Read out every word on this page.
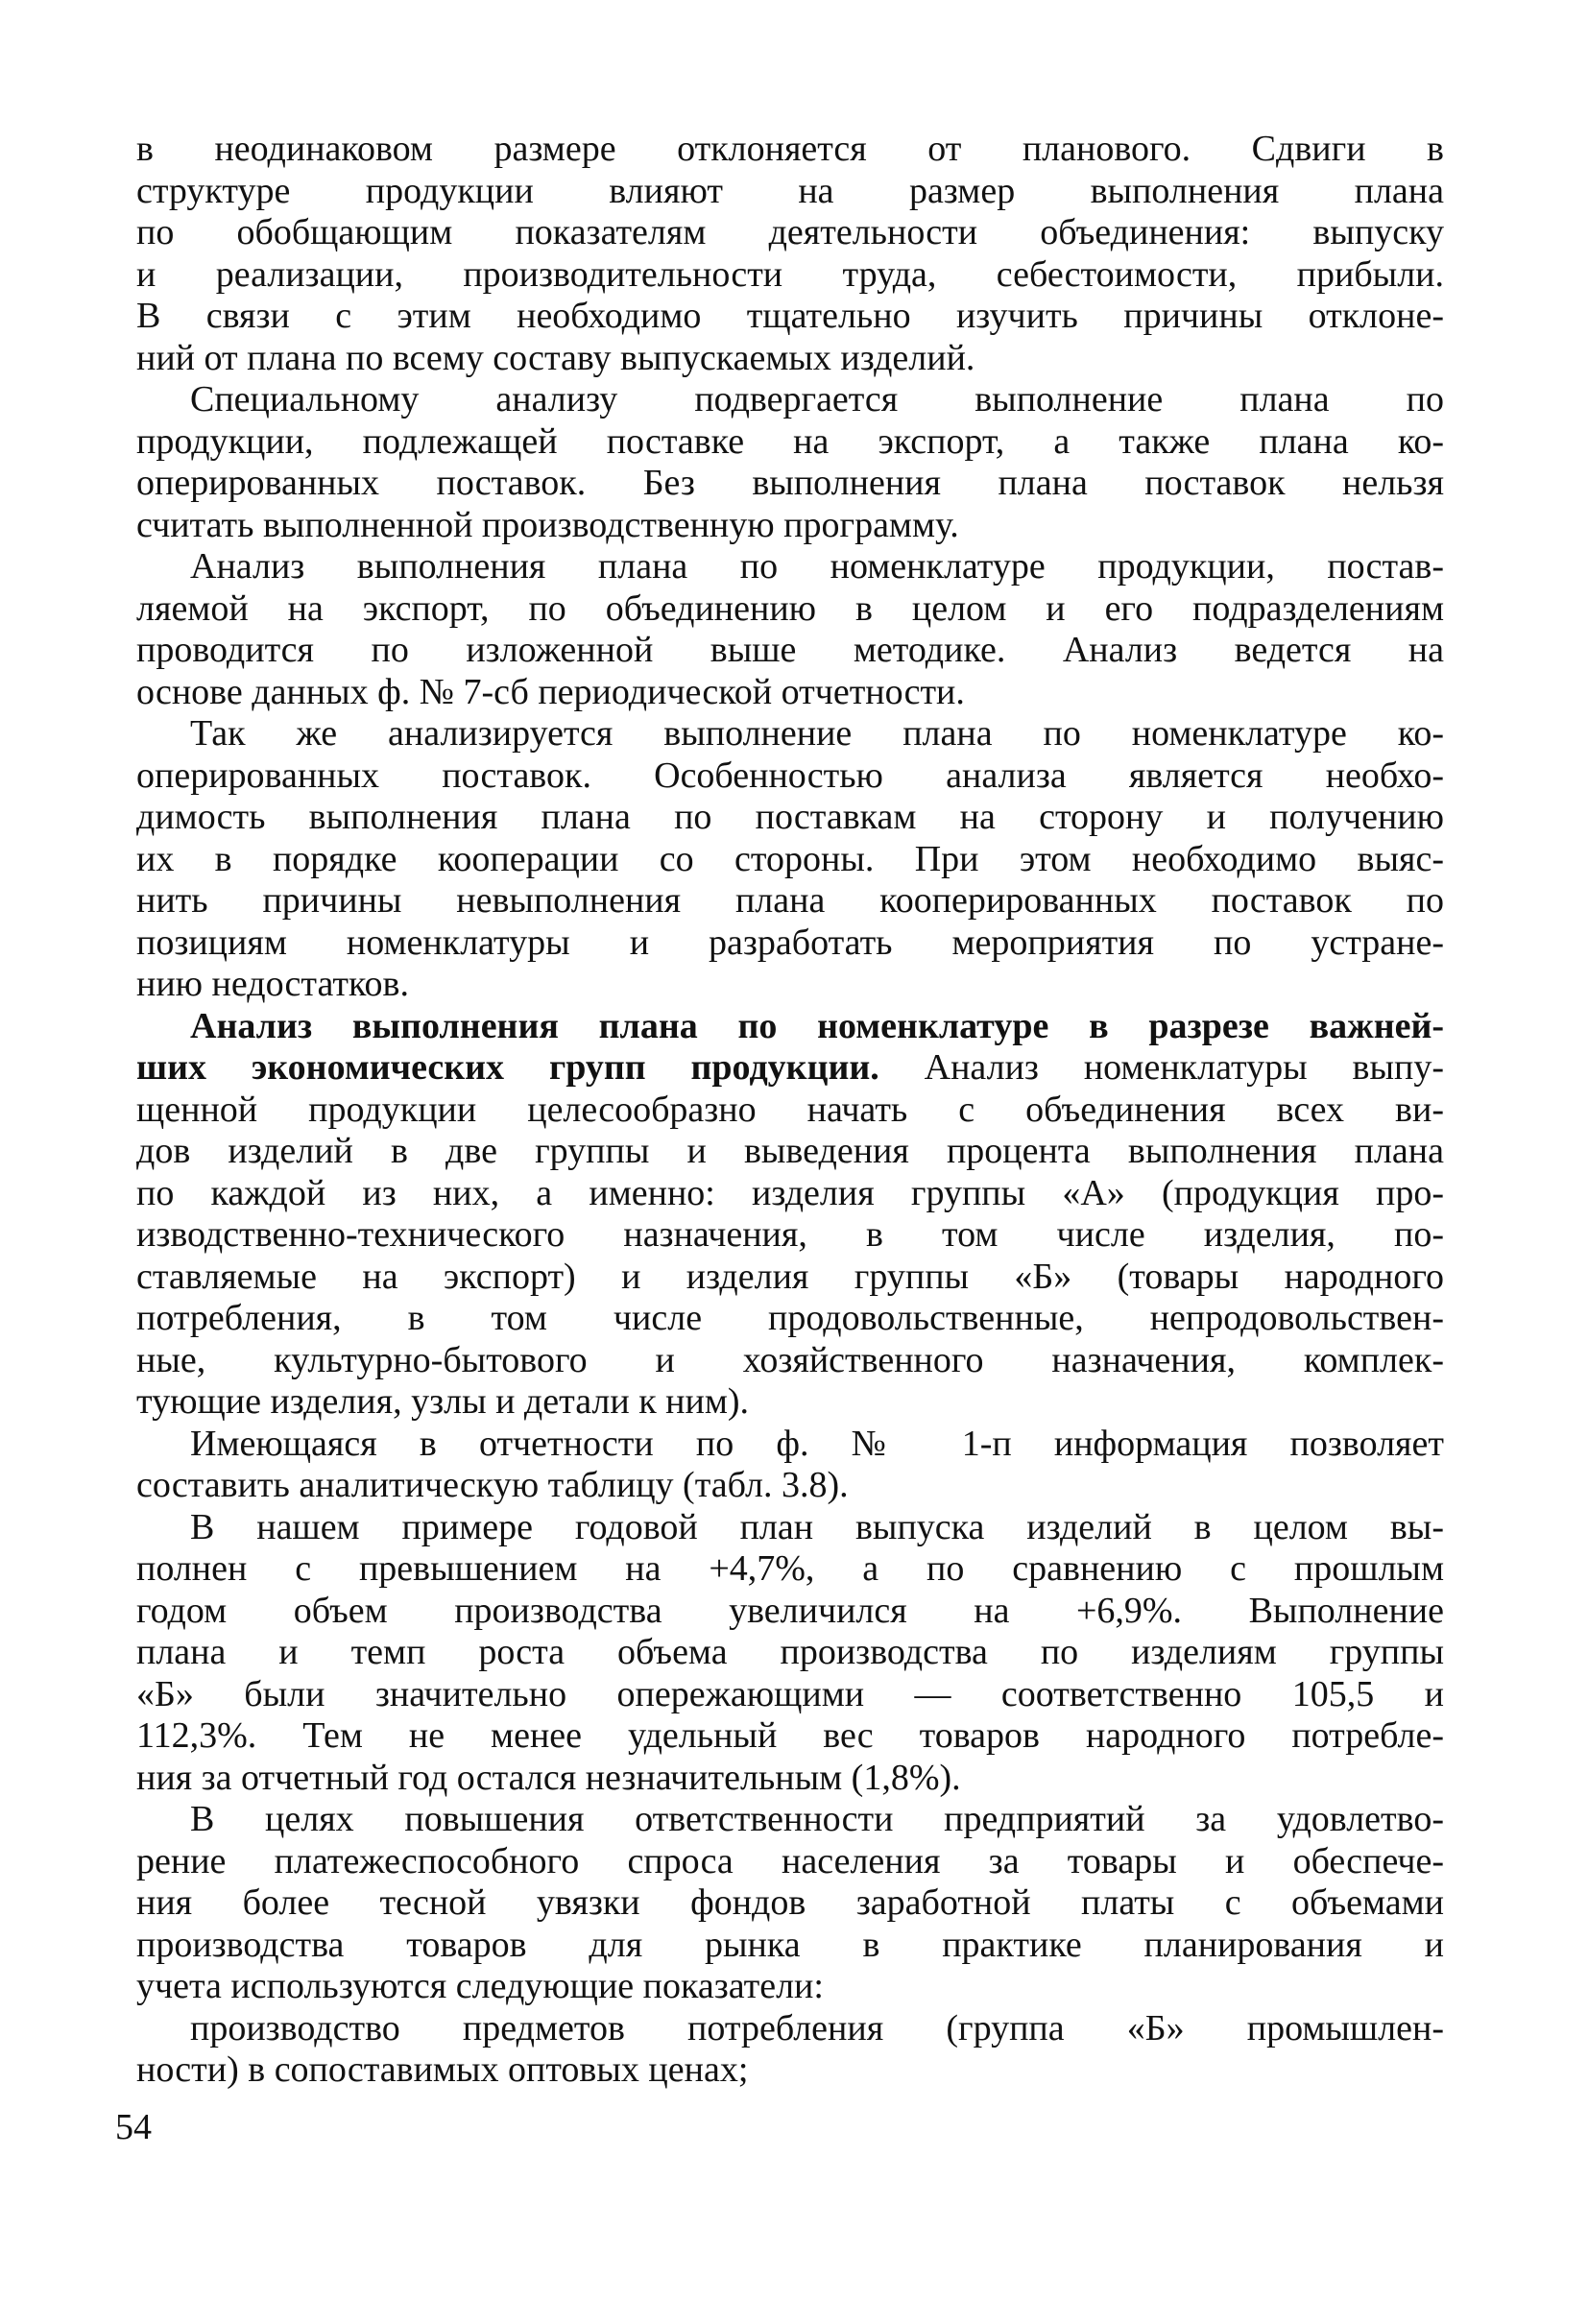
в неодинаковом размере отклоняется от планового. Сдвиги в
структуре продукции влияют на размер выполнения плана
по обобщающим показателям деятельности объединения: выпуску
и реализации, производительности труда, себестоимости, прибыли.
В связи с этим необходимо тщательно изучить причины отклоне-
ний от плана по всему составу выпускаемых изделий.
Специальному анализу подвергается выполнение плана по
продукции, подлежащей поставке на экспорт, а также плана ко-
оперированных поставок. Без выполнения плана поставок нельзя
считать выполненной производственную программу.
Анализ выполнения плана по номенклатуре продукции, постав-
ляемой на экспорт, по объединению в целом и его подразделениям
проводится по изложенной выше методике. Анализ ведется на
основе данных ф. № 7-сб периодической отчетности.
Так же анализируется выполнение плана по номенклатуре ко-
оперированных поставок. Особенностью анализа является необхо-
димость выполнения плана по поставкам на сторону и получению
их в порядке кооперации со стороны. При этом необходимо выяс-
нить причины невыполнения плана кооперированных поставок по
позициям номенклатуры и разработать мероприятия по устране-
нию недостатков.
Анализ выполнения плана по номенклатуре в разрезе важней-
ших экономических групп продукции. Анализ номенклатуры выпу-
щенной продукции целесообразно начать с объединения всех ви-
дов изделий в две группы и выведения процента выполнения плана
по каждой из них, а именно: изделия группы «А» (продукция про-
изводственно-технического назначения, в том числе изделия, по-
ставляемые на экспорт) и изделия группы «Б» (товары народного
потребления, в том числе продовольственные, непродовольствен-
ные, культурно-бытового и хозяйственного назначения, комплек-
тующие изделия, узлы и детали к ним).
Имеющаяся в отчетности по ф. № 1-п информация позволяет
составить аналитическую таблицу (табл. 3.8).
В нашем примере годовой план выпуска изделий в целом вы-
полнен с превышением на +4,7%, а по сравнению с прошлым
годом объем производства увеличился на +6,9%. Выполнение
плана и темп роста объема производства по изделиям группы
«Б» были значительно опережающими — соответственно 105,5 и
112,3%. Тем не менее удельный вес товаров народного потребле-
ния за отчетный год остался незначительным (1,8%).
В целях повышения ответственности предприятий за удовлетво-
рение платежеспособного спроса населения за товары и обеспече-
ния более тесной увязки фондов заработной платы с объемами
производства товаров для рынка в практике планирования и
учета используются следующие показатели:
производство предметов потребления (группа «Б» промышлен-
ности) в сопоставимых оптовых ценах;
54
